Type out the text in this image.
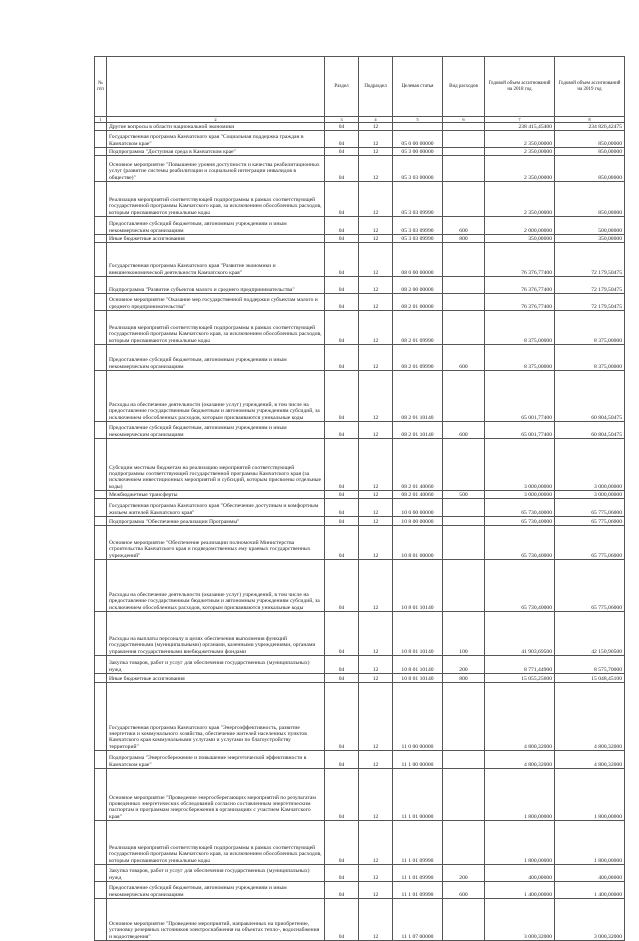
№ п/п		Раздел	Подраздел	Целевая статья	Вид расходов	Годовой объем ассигнований на 2018 год	Годовой объем ассигнований на 2019 год
1	2	3	4	5	6	7	8
	Другие вопросы в области национальной экономики	04	12			238 415,45400	234 826,42475
	Государственная программа Камчатского края "Социальная поддержка граждан в Камчатском крае"	04	12	05 0 00 00000		2 350,00000	850,00000
	Подпрограмма "Доступная среда в Камчатском крае"	04	12	05 3 00 00000		2 350,00000	850,00000
	Основное мероприятие "Повышение уровня доступности и качества реабилитационных услуг (развитие системы реабилитации и социальной интеграции инвалидов в обществе)"	04	12	05 3 03 00000		2 350,00000	850,00000
	Реализация мероприятий соответствующей подпрограммы в рамках соответствующей государственной программы Камчатского края, за исключением обособленных расходов, которым присваиваются уникальные коды	04	12	05 3 03 09990		2 350,00000	850,00000
	Предоставление субсидий бюджетным, автономным учреждениям и иным некоммерческим организациям	04	12	05 3 03 09990	600	2 000,00000	500,00000
	Иные бюджетные ассигнования	04	12	05 3 03 09990	800	350,00000	350,00000
	Государственная программа Камчатского края "Развитие экономики и внешнеэкономической деятельности Камчатского края"	04	12	08 0 00 00000		76 376,77400	72 179,50475
	Подпрограмма "Развитие субъектов малого и среднего предпринимательства"	04	12	08 2 00 00000		76 376,77400	72 179,50475
	Основное мероприятие "Оказание мер государственной поддержки субъектам малого и среднего предпринимательства"	04	12	08 2 01 00000		76 376,77400	72 179,50475
	Реализация мероприятий соответствующей подпрограммы в рамках соответствующей государственной программы Камчатского края, за исключением обособленных расходов, которым присваиваются уникальные коды	04	12	08 2 01 09990		8 375,00000	8 375,00000
	Предоставление субсидий бюджетным, автономным учреждениям и иным некоммерческим организациям	04	12	08 2 01 09990	600	8 375,00000	8 375,00000
	Расходы на обеспечение деятельности (оказание услуг) учреждений, в том числе на предоставление государственным бюджетным и автономным учреждениям субсидий, за исключением обособленных расходов, которым присваиваются уникальные коды	04	12	08 2 01 10140		65 001,77400	60 804,50475
	Предоставление субсидий бюджетным, автономным учреждениям и иным некоммерческим организациям	04	12	08 2 01 10140	600	65 001,77400	60 804,50475
	Субсидии местным бюджетам на реализацию мероприятий соответствующей подпрограммы соответствующей государственной программы Камчатского края (за исключением инвестиционных мероприятий и субсидий, которым присвоены отдельные коды)	04	12	08 2 01 40060		3 000,00000	3 000,00000
	Межбюджетные трансферты	04	12	08 2 01 40060	500	3 000,00000	3 000,00000
	Государственная программа Камчатского края "Обеспечение доступным и комфортным жильем жителей Камчатского края"	04	12	10 0 00 00000		65 730,40000	65 775,06000
	Подпрограмма "Обеспечение реализации Программы"	04	12	10 8 00 00000		65 730,40000	65 775,06000
	Основное мероприятие "Обеспечение реализации полномочий Министерства строительства Камчатского края и подведомственных ему краевых государственных учреждений"	04	12	10 8 01 00000		65 730,40000	65 775,06000
	Расходы на обеспечение деятельности (оказание услуг) учреждений, в том числе на предоставление государственным бюджетным и автономным учреждениям субсидий, за исключением обособленных расходов, которым присваиваются уникальные коды	04	12	10 8 01 10140		65 730,40000	65 775,06000
	Расходы на выплаты персоналу в целях обеспечения выполнения функций государственными (муниципальными) органами, казенными учреждениями, органами управления государственными внебюджетными фондами	04	12	10 8 01 10140	100	41 903,69500	42 150,90500
	Закупка товаров, работ и услуг для обеспечения государственных (муниципальных) нужд	04	12	10 8 01 10140	200	8 771,44900	8 575,70000
	Иные бюджетные ассигнования	04	12	10 8 01 10140	800	15 055,25600	15 048,45100
	Государственная программа Камчатского края "Энергоэффективность, развитие энергетики и коммунального хозяйства, обеспечение жителей населенных пунктов Камчатского края коммунальными услугами и услугами по благоустройству территорий"	04	12	11 0 00 00000		4 800,32000	4 800,32000
	Подпрограмма "Энергосбережение и повышение энергетической эффективности в Камчатском крае"	04	12	11 1 00 00000		4 800,32000	4 800,32000
	Основное мероприятие "Проведение энергосберегающих мероприятий по результатам проведенных энергетических обследований согласно составленным энергетическим паспортам и программам энергосбережения в организациях с участием Камчатского края"	04	12	11 1 01 00000		1 800,00000	1 800,00000
	Реализация мероприятий соответствующей подпрограммы в рамках соответствующей государственной программы Камчатского края, за исключением обособленных расходов, которым присваиваются уникальные коды	04	12	11 1 01 09990		1 800,00000	1 800,00000
	Закупка товаров, работ и услуг для обеспечения государственных (муниципальных) нужд	04	12	11 1 01 09990	200	400,00000	400,00000
	Предоставление субсидий бюджетным, автономным учреждениям и иным некоммерческим организациям	04	12	11 1 01 09990	600	1 400,00000	1 400,00000
	Основное мероприятие "Проведение мероприятий, направленных на приобретение, установку резервных источников электроснабжения на объектах тепло-, водоснабжения и водоотведения"	04	12	11 1 07 00000		3 000,32000	3 000,32000
